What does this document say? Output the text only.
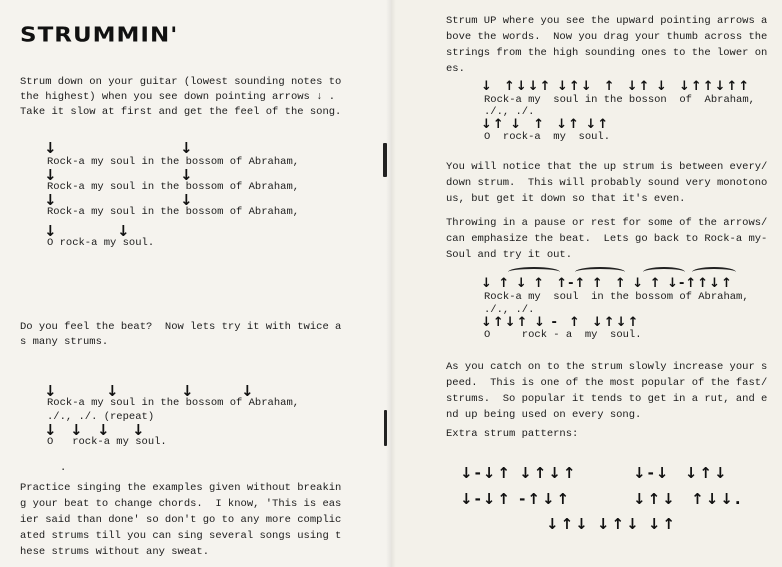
STRUMMIN'
Strum down on your guitar (lowest sounding notes to
the highest) when you see down pointing arrows ↓ .
Take it slow at first and get the feel of the song.
↓	↓
Rock-a my soul in the bossom of Abraham,
↓	↓
Rock-a my soul in the bossom of Abraham,
↓	↓
Rock-a my soul in the bossom of Abraham,
↓	↓
O rock-a my soul.
Do you feel the beat?  Now lets try it with twice a
s many strums.
↓	↓	↓	↓
Rock-a my soul in the bossom of Abraham,
./., ./. (repeat)
↓ ↓ ↓ ↓
O   rock-a my soul.
.
Practice singing the examples given without breakin
g your beat to change chords.  I know, 'This is eas
ier said than done' so don't go to any more complic
ated strums till you can sing several songs using t
hese strums without any sweat.
Strum UP where you see the upward pointing arrows a
bove the words.  Now you drag your thumb across the
strings from the high sounding ones to the lower on
es.
↓  ↑↓↓↑ ↓↑↓  ↑  ↓↑ ↓  ↓↑↑↓↑↑
Rock-a my  soul in the bosson  of  Abraham,
./., ./.
↓↑ ↓  ↑  ↓↑ ↓↑
O  rock-a  my  soul.
You will notice that the up strum is between every/
down strum.  This will probably sound very monotono
us, but get it down so that it's even.
Throwing in a pause or rest for some of the arrows/
can emphasize the beat.  Lets go back to Rock-a my-
Soul and try it out.
↓ ↑ ↓ ↑  ↑-↑ ↑  ↑ ↓ ↑ ↓-↑↑↓↑
Rock-a my  soul  in the bossom of Abraham,
./., ./.
↓↑↓↑ ↓ -  ↑  ↓↑↓↑
O     rock - a  my  soul.
As you catch on to the strum slowly increase your s
peed.  This is one of the most popular of the fast/
strums.  So popular it tends to get in a rut, and e
nd up being used on every song.
Extra strum patterns:
↓-↓↑ ↓↑↓↑	↓-↓  ↓↑↓
↓-↓↑ -↑↓↑	↓↑↓  ↑↓↓.
↓↑↓ ↓↑↓ ↓↑
